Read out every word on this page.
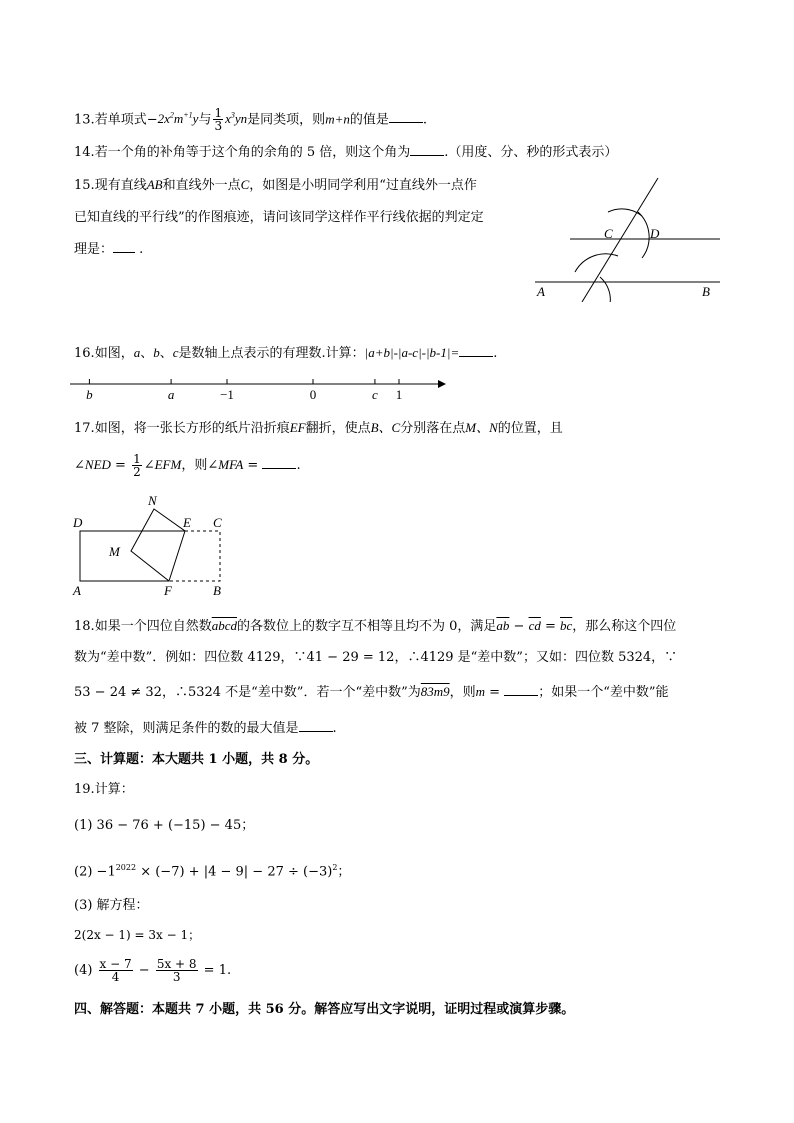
13.若单项式$-2x^2m^{+1}y$与 $\frac{1}{3} x^3yn$是同类项，则m+n的值是	.
14.若一个角的补角等于这个角的余角的 5 倍，则这个角为	.（用度、分、秒的形式表示）
15.现有直线AB和直线外一点C，如图是小明同学利用“过直线外一点作
已知直线的平行线”的作图痕迹，请问该同学这样作平行线依据的判定定
理是： .
C	D
A	B
16.如图，a、b、c是数轴上点表示的有理数.计算：|a+b|-|a-c|-|b-1|=	.
b	a	−1	0	c 1
17.如图，将一张长方形的纸片沿折痕EF翻折，使点B、C分别落在点M、N的位置，且
∠NED = $\frac{1}{2}$ ∠EFM，则∠MFA =	.
D
N
E C
M
A	F	B
18.如果一个四位自然数abcd的各数位上的数字互不相等且均不为 0，满足$\overline{ab} - \overline{cd} = \overline{bc}$，那么称这个四位
数为“差中数”．例如：四位数 4129，∵41 − 29 = 12，∴4129 是“差中数”；又如：四位数 5324，∵
53 − 24 ≠ 32，∴5324 不是“差中数”．若一个“差中数”为83m9，则m =	；如果一个“差中数”能
被 7 整除，则满足条件的数的最大值是	.
三、计算题：本大题共 1 小题，共 8 分。
19.计算：
(1) 36 − 76 + (−15) − 45；
$(2) -1^{2022} \times (-7) + |4 - 9| - 27 \div (-3)^2$；
(3) 解方程：
2(2x − 1) = 3x − 1；
$(4) \frac{x - 7}{4} - \frac{5x + 8}{3} = 1$.
四、解答题：本题共 7 小题，共 56 分。解答应写出文字说明，证明过程或演算步骤。
